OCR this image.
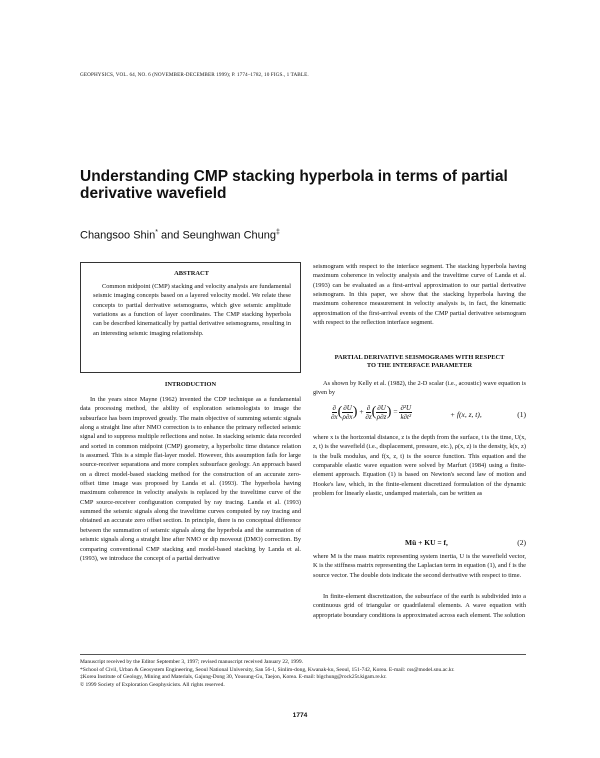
GEOPHYSICS, VOL. 64, NO. 6 (NOVEMBER-DECEMBER 1999); P. 1774–1782, 10 FIGS., 1 TABLE.
Understanding CMP stacking hyperbola in terms of partial derivative wavefield
Changsoo Shin* and Seunghwan Chung‡
ABSTRACT
Common midpoint (CMP) stacking and velocity analysis are fundamental seismic imaging concepts based on a layered velocity model. We relate these concepts to partial derivative seismograms, which give seismic amplitude variations as a function of layer coordinates. The CMP stacking hyperbola can be described kinematically by partial derivative seismograms, resulting in an interesting seismic imaging relationship.
INTRODUCTION
In the years since Mayne (1962) invented the CDP technique as a fundamental data processing method, the ability of exploration seismologists to image the subsurface has been improved greatly. The main objective of summing seismic signals along a straight line after NMO correction is to enhance the primary reflected seismic signal and to suppress multiple reflections and noise. In stacking seismic data recorded and sorted in common midpoint (CMP) geometry, a hyperbolic time distance relation is assumed. This is a simple flat-layer model. However, this assumption fails for large source-receiver separations and more complex subsurface geology. An approach based on a direct model-based stacking method for the construction of an accurate zero-offset time image was proposed by Landa et al. (1993). The hyperbola having maximum coherence in velocity analysis is replaced by the traveltime curve of the CMP source-receiver configuration computed by ray tracing. Landa et al. (1993) summed the seismic signals along the traveltime curves computed by ray tracing and obtained an accurate zero offset section. In principle, there is no conceptual difference between the summation of seismic signals along the hyperbola and the summation of seismic signals along a straight line after NMO or dip moveout (DMO) correction. By comparing conventional CMP stacking and model-based stacking by Landa et al. (1993), we introduce the concept of a partial derivative
seismogram with respect to the interface segment. The stacking hyperbola having maximum coherence in velocity analysis and the traveltime curve of Landa et al. (1993) can be evaluated as a first-arrival approximation to our partial derivative seismogram. In this paper, we show that the stacking hyperbola having the maximum coherence measurement in velocity analysis is, in fact, the kinematic approximation of the first-arrival events of the CMP partial derivative seismogram with respect to the reflection interface segment.
PARTIAL DERIVATIVE SEISMOGRAMS WITH RESPECT
TO THE INTERFACE PARAMETER
As shown by Kelly et al. (1982), the 2-D scalar (i.e., acoustic) wave equation is given by
$\frac{\partial}{\partial x}$ ( $\frac{\partial U}{\rho\partial x}$ ) + $\frac{\partial}{\partial z}$ ( $\frac{\partial U}{\rho\partial z}$ ) = $\frac{\text{∂²U}}{\text{k∂t²}}$	+ f(x, z, t),	(1)
where x is the horizontal distance, z is the depth from the surface, t is the time, U(x, z, t) is the wavefield (i.e., displacement, pressure, etc.), ρ(x, z) is the density, k(x, z) is the bulk modulus, and f(x, z, t) is the source function. This equation and the comparable elastic wave equation were solved by Marfurt (1984) using a finite-element approach. Equation (1) is based on Newton's second law of motion and Hooke's law, which, in the finite-element discretized formulation of the dynamic problem for linearly elastic, undamped materials, can be written as
Mü + KU = f,	(2)
where M is the mass matrix representing system inertia, U is the wavefield vector, K is the stiffness matrix representing the Laplacian term in equation (1), and f is the source vector. The double dots indicate the second derivative with respect to time.
In finite-element discretization, the subsurface of the earth is subdivided into a continuous grid of triangular or quadrilateral elements. A wave equation with appropriate boundary conditions is approximated across each element. The solution
Manuscript received by the Editor September 3, 1997; revised manuscript received January 22, 1999.
*School of Civil, Urban & Geosystem Engineering, Seoul National University, San 56-1, Sinlim-dong, Kwanak-ku, Seoul, 151-742, Korea. E-mail: css@model.snu.ac.kr.
‡Korea Institute of Geology, Mining and Materials, Gajung-Dong 30, Yousung-Gu, Taejon, Korea. E-mail: bigchung@rock25t.kigam.re.kr.
© 1999 Society of Exploration Geophysicists. All rights reserved.
1774
